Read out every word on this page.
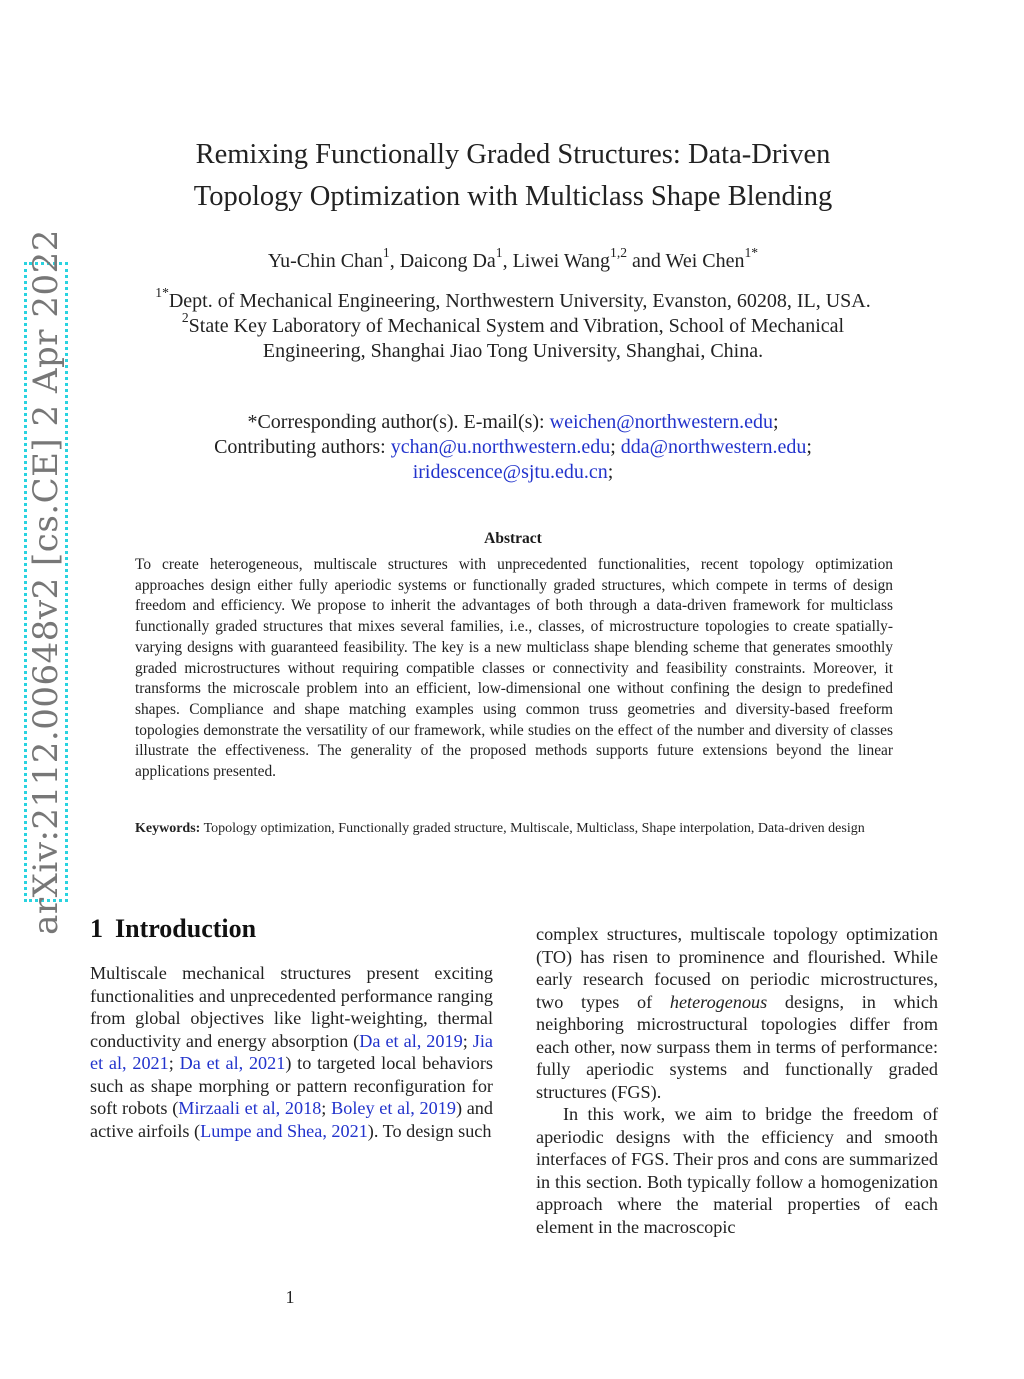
arXiv:2112.00648v2 [cs.CE] 2 Apr 2022
Remixing Functionally Graded Structures: Data-Driven
Topology Optimization with Multiclass Shape Blending
Yu-Chin Chan$^1$, Daicong Da$^1$, Liwei Wang$^{1,2}$ and Wei Chen$^{1*}$
$^{1*}$Dept. of Mechanical Engineering, Northwestern University, Evanston, 60208, IL, USA.
$^2$State Key Laboratory of Mechanical System and Vibration, School of Mechanical
Engineering, Shanghai Jiao Tong University, Shanghai, China.
*Corresponding author(s). E-mail(s): weichen@northwestern.edu;
Contributing authors: ychan@u.northwestern.edu; dda@northwestern.edu;
iridescence@sjtu.edu.cn;
Abstract
To create heterogeneous, multiscale structures with unprecedented functionalities, recent topology optimization approaches design either fully aperiodic systems or functionally graded structures, which compete in terms of design freedom and efficiency. We propose to inherit the advantages of both through a data-driven framework for multiclass functionally graded structures that mixes several families, i.e., classes, of microstructure topologies to create spatially-varying designs with guaranteed feasibility. The key is a new multiclass shape blending scheme that generates smoothly graded microstructures without requiring compatible classes or connectivity and feasibility constraints. Moreover, it transforms the microscale problem into an efficient, low-dimensional one without confining the design to predefined shapes. Compliance and shape matching examples using common truss geometries and diversity-based freeform topologies demonstrate the versatility of our framework, while studies on the effect of the number and diversity of classes illustrate the effectiveness. The generality of the proposed methods supports future extensions beyond the linear applications presented.
Keywords: Topology optimization, Functionally graded structure, Multiscale, Multiclass, Shape interpolation, Data-driven design
1 Introduction

Multiscale mechanical structures present exciting functionalities and unprecedented performance ranging from global objectives like light-weighting, thermal conductivity and energy absorption (Da et al, 2019; Jia et al, 2021; Da et al, 2021) to targeted local behaviors such as shape morphing or pattern reconfiguration for soft robots (Mirzaali et al, 2018; Boley et al, 2019) and active airfoils (Lumpe and Shea, 2021). To design such

complex structures, multiscale topology optimization (TO) has risen to prominence and flourished. While early research focused on periodic microstructures, two types of heterogenous designs, in which neighboring microstructural topologies differ from each other, now surpass them in terms of performance: fully aperiodic systems and functionally graded structures (FGS).

In this work, we aim to bridge the freedom of aperiodic designs with the efficiency and smooth interfaces of FGS. Their pros and cons are summarized in this section. Both typically follow a homogenization approach where the material properties of each element in the macroscopic

1
